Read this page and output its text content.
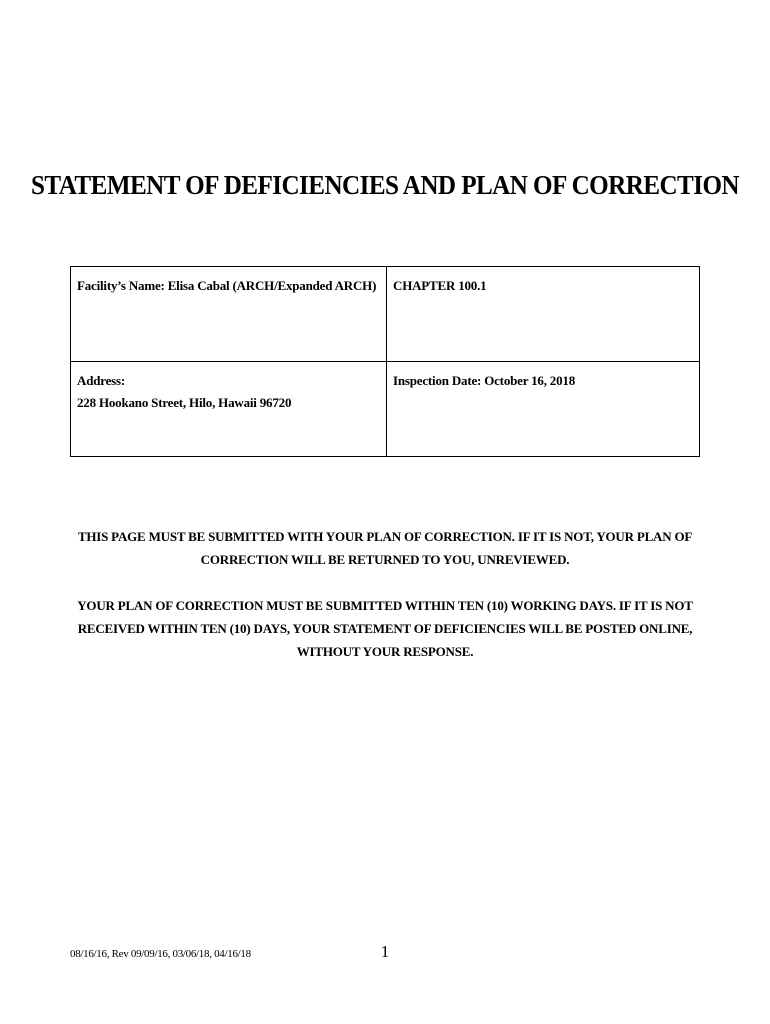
STATEMENT OF DEFICIENCIES AND PLAN OF CORRECTION
Facility’s Name: Elisa Cabal (ARCH/Expanded ARCH)	CHAPTER 100.1

Address:
228 Hookano Street, Hilo, Hawaii 96720	Inspection Date: October 16, 2018
THIS PAGE MUST BE SUBMITTED WITH YOUR PLAN OF CORRECTION. IF IT IS NOT, YOUR PLAN OF CORRECTION WILL BE RETURNED TO YOU, UNREVIEWED.
YOUR PLAN OF CORRECTION MUST BE SUBMITTED WITHIN TEN (10) WORKING DAYS. IF IT IS NOT RECEIVED WITHIN TEN (10) DAYS, YOUR STATEMENT OF DEFICIENCIES WILL BE POSTED ONLINE, WITHOUT YOUR RESPONSE.
08/16/16, Rev 09/09/16, 03/06/18, 04/16/18	1
